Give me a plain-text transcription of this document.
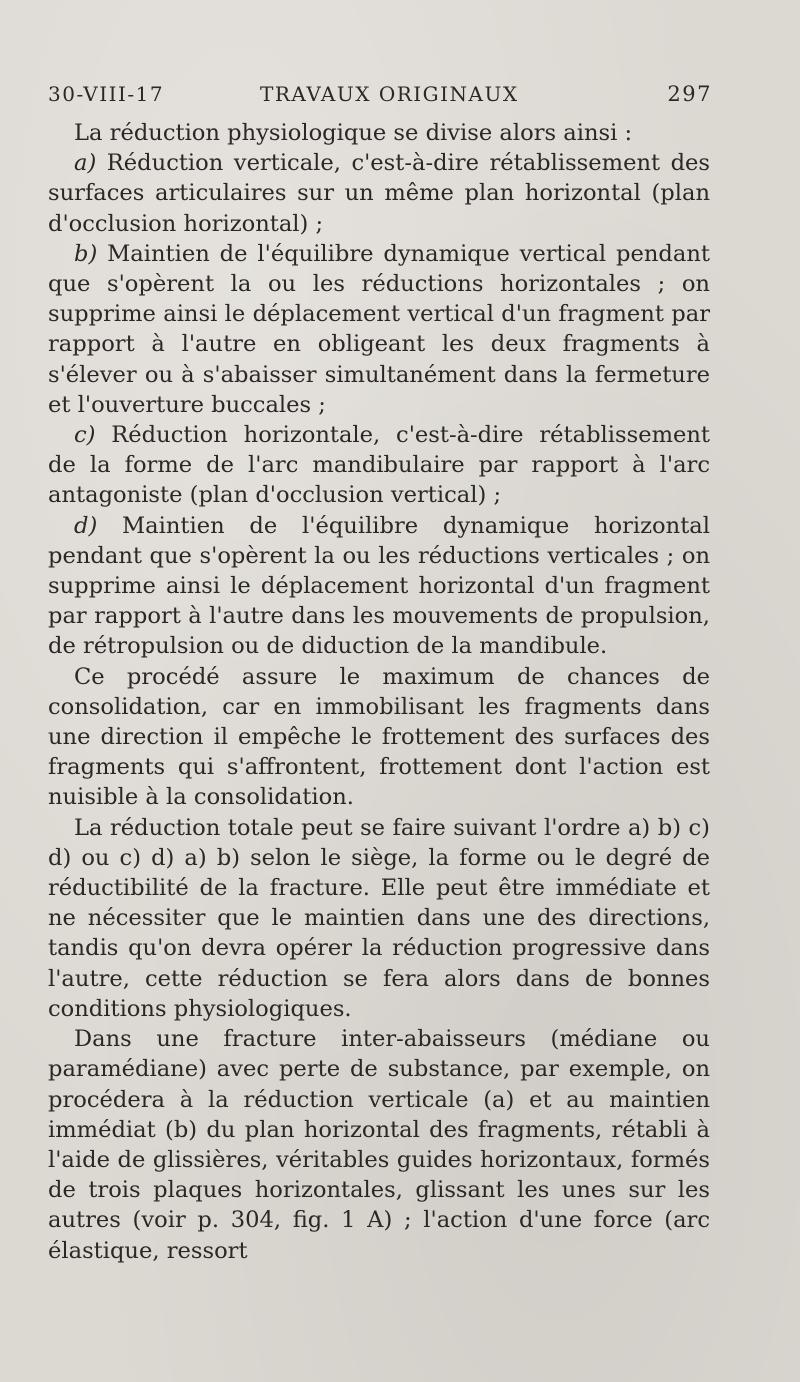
30-VIII-17	TRAVAUX ORIGINAUX	297

La réduction physiologique se divise alors ainsi :

a) Réduction verticale, c'est-à-dire rétablissement des surfaces articulaires sur un même plan horizontal (plan d'occlusion horizontal) ;

b) Maintien de l'équilibre dynamique vertical pendant que s'opèrent la ou les réductions horizontales ; on supprime ainsi le déplacement vertical d'un fragment par rapport à l'autre en obligeant les deux fragments à s'élever ou à s'abaisser simultanément dans la fermeture et l'ouverture buccales ;

c) Réduction horizontale, c'est-à-dire rétablissement de la forme de l'arc mandibulaire par rapport à l'arc antagoniste (plan d'occlusion vertical) ;

d) Maintien de l'équilibre dynamique horizontal pendant que s'opèrent la ou les réductions verticales ; on supprime ainsi le déplacement horizontal d'un fragment par rapport à l'autre dans les mouvements de propulsion, de rétropulsion ou de diduction de la mandibule.

Ce procédé assure le maximum de chances de consolidation, car en immobilisant les fragments dans une direction il empêche le frottement des surfaces des fragments qui s'affrontent, frottement dont l'action est nuisible à la consolidation.

La réduction totale peut se faire suivant l'ordre a) b) c) d) ou c) d) a) b) selon le siège, la forme ou le degré de réductibilité de la fracture. Elle peut être immédiate et ne nécessiter que le maintien dans une des directions, tandis qu'on devra opérer la réduction progressive dans l'autre, cette réduction se fera alors dans de bonnes conditions physiologiques.

Dans une fracture inter-abaisseurs (médiane ou paramédiane) avec perte de substance, par exemple, on procédera à la réduction verticale (a) et au maintien immédiat (b) du plan horizontal des fragments, rétabli à l'aide de glissières, véritables guides horizontaux, formés de trois plaques horizontales, glissant les unes sur les autres (voir p. 304, fig. 1 A) ; l'action d'une force (arc élastique, ressort
